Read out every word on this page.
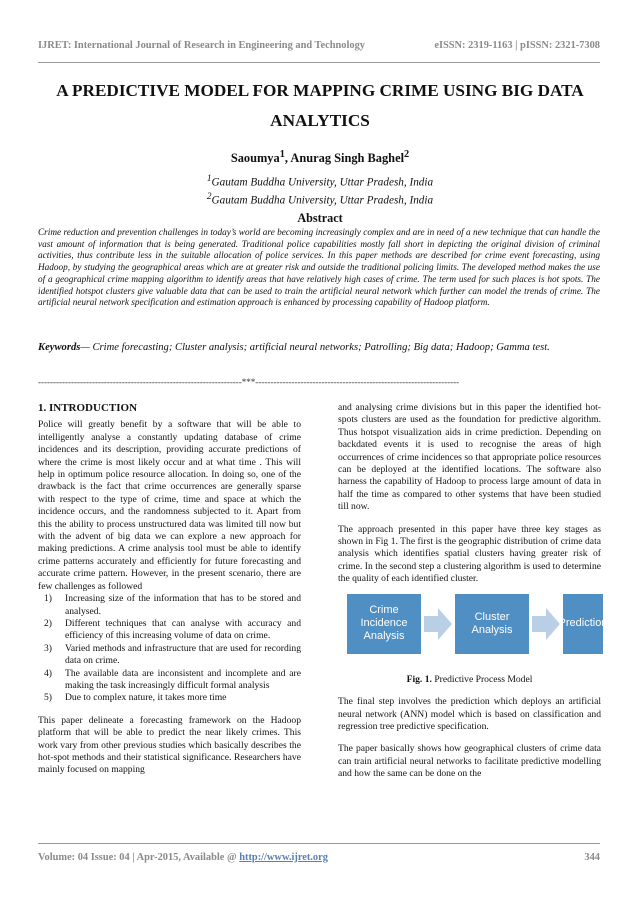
IJRET: International Journal of Research in Engineering and Technology	eISSN: 2319-1163 | pISSN: 2321-7308
A PREDICTIVE MODEL FOR MAPPING CRIME USING BIG DATA ANALYTICS
Saoumya$^1$, Anurag Singh Baghel$^2$
$^1$Gautam Buddha University, Uttar Pradesh, India
$^2$Gautam Buddha University, Uttar Pradesh, India
Abstract
Crime reduction and prevention challenges in today’s world are becoming increasingly complex and are in need of a new technique that can handle the vast amount of information that is being generated. Traditional police capabilities mostly fall short in depicting the original division of criminal activities, thus contribute less in the suitable allocation of police services. In this paper methods are described for crime event forecasting, using Hadoop, by studying the geographical areas which are at greater risk and outside the traditional policing limits. The developed method makes the use of a geographical crime mapping algorithm to identify areas that have relatively high cases of crime. The term used for such places is hot spots. The identified hotspot clusters give valuable data that can be used to train the artificial neural network which further can model the trends of crime. The artificial neural network specification and estimation approach is enhanced by processing capability of Hadoop platform.
Keywords— Crime forecasting; Cluster analysis; artificial neural networks; Patrolling; Big data; Hadoop; Gamma test.
--------------------------------------------------------------------***--------------------------------------------------------------------
1. INTRODUCTION

Police will greatly benefit by a software that will be able to intelligently analyse a constantly updating database of crime incidences and its description, providing accurate predictions of where the crime is most likely occur and at what time . This will help in optimum police resource allocation. In doing so, one of the drawback is the fact that crime occurrences are generally sparse with respect to the type of crime, time and space at which the incidence occurs, and the randomness subjected to it. Apart from this the ability to process unstructured data was limited till now but with the advent of big data we can explore a new approach for making predictions. A crime analysis tool must be able to identify crime patterns accurately and efficiently for future forecasting and accurate crime pattern. However, in the present scenario, there are few challenges as followed

1)	Increasing size of the information that has to be stored and analysed.
2)	Different techniques that can analyse with accuracy and efficiency of this increasing volume of data on crime.
3)	Varied methods and infrastructure that are used for recording data on crime.
4)	The available data are inconsistent and incomplete and are making the task increasingly difficult formal analysis
5)	Due to complex nature, it takes more time

This paper delineate a forecasting framework on the Hadoop platform that will be able to predict the near likely crimes. This work vary from other previous studies which basically describes the hot-spot methods and their statistical significance. Researchers have mainly focused on mapping

and analysing crime divisions but in this paper the identified hot-spots clusters are used as the foundation for predictive algorithm. Thus hotspot visualization aids in crime prediction. Depending on backdated events it is used to recognise the areas of high occurrences of crime incidences so that appropriate police resources can be deployed at the identified locations. The software also harness the capability of Hadoop to process large amount of data in half the time as compared to other systems that have been studied till now.

The approach presented in this paper have three key stages as shown in Fig 1. The first is the geographic distribution of crime data analysis which identifies spatial clusters having greater risk of crime. In the second step a clustering algorithm is used to determine the quality of each identified cluster.

Crime
Incidence
Analysis
Cluster
Analysis
Prediction
Fig. 1. Predictive Process Model

The final step involves the prediction which deploys an artificial neural network (ANN) model which is based on classification and regression tree predictive specification.

The paper basically shows how geographical clusters of crime data can train artificial neural networks to facilitate predictive modelling and how the same can be done on the

Volume: 04 Issue: 04 | Apr-2015, Available @ http://www.ijret.org	344
